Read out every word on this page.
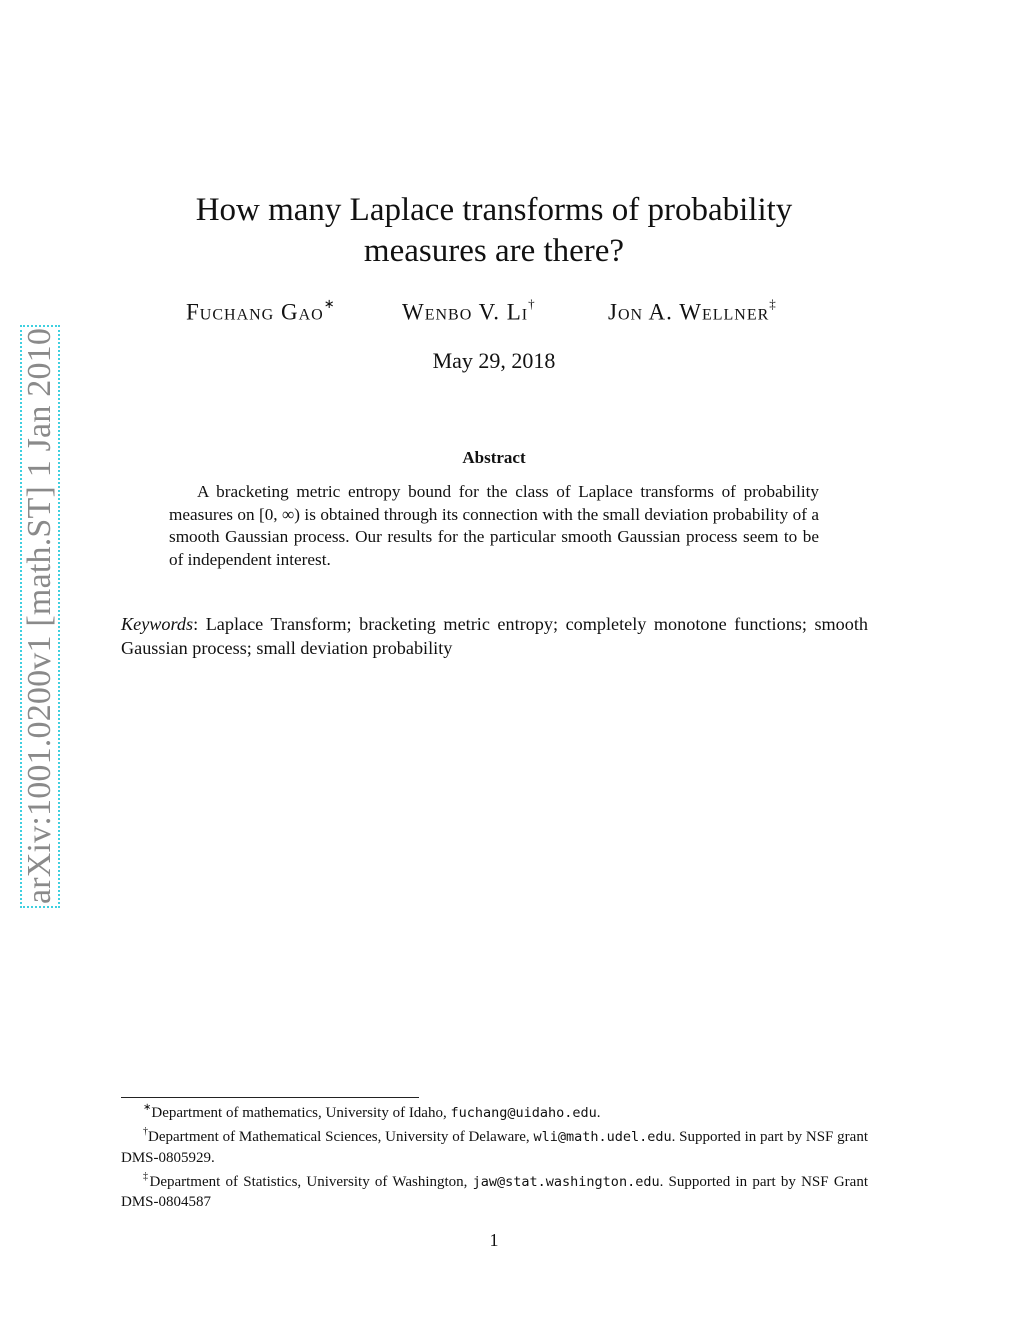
arXiv:1001.0200v1 [math.ST] 1 Jan 2010
How many Laplace transforms of probability
measures are there?
Fuchang Gao∗	Wenbo V. Li†	Jon A. Wellner‡
May 29, 2018
Abstract
A bracketing metric entropy bound for the class of Laplace transforms of probability measures on [0, ∞) is obtained through its connection with the small deviation probability of a smooth Gaussian process. Our results for the particular smooth Gaussian process seem to be of independent interest.
Keywords: Laplace Transform; bracketing metric entropy; completely monotone functions; smooth Gaussian process; small deviation probability

∗Department of mathematics, University of Idaho, fuchang@uidaho.edu.

†Department of Mathematical Sciences, University of Delaware, wli@math.udel.edu. Supported in part by NSF grant DMS-0805929.

‡Department of Statistics, University of Washington, jaw@stat.washington.edu. Supported in part by NSF Grant DMS-0804587

1
